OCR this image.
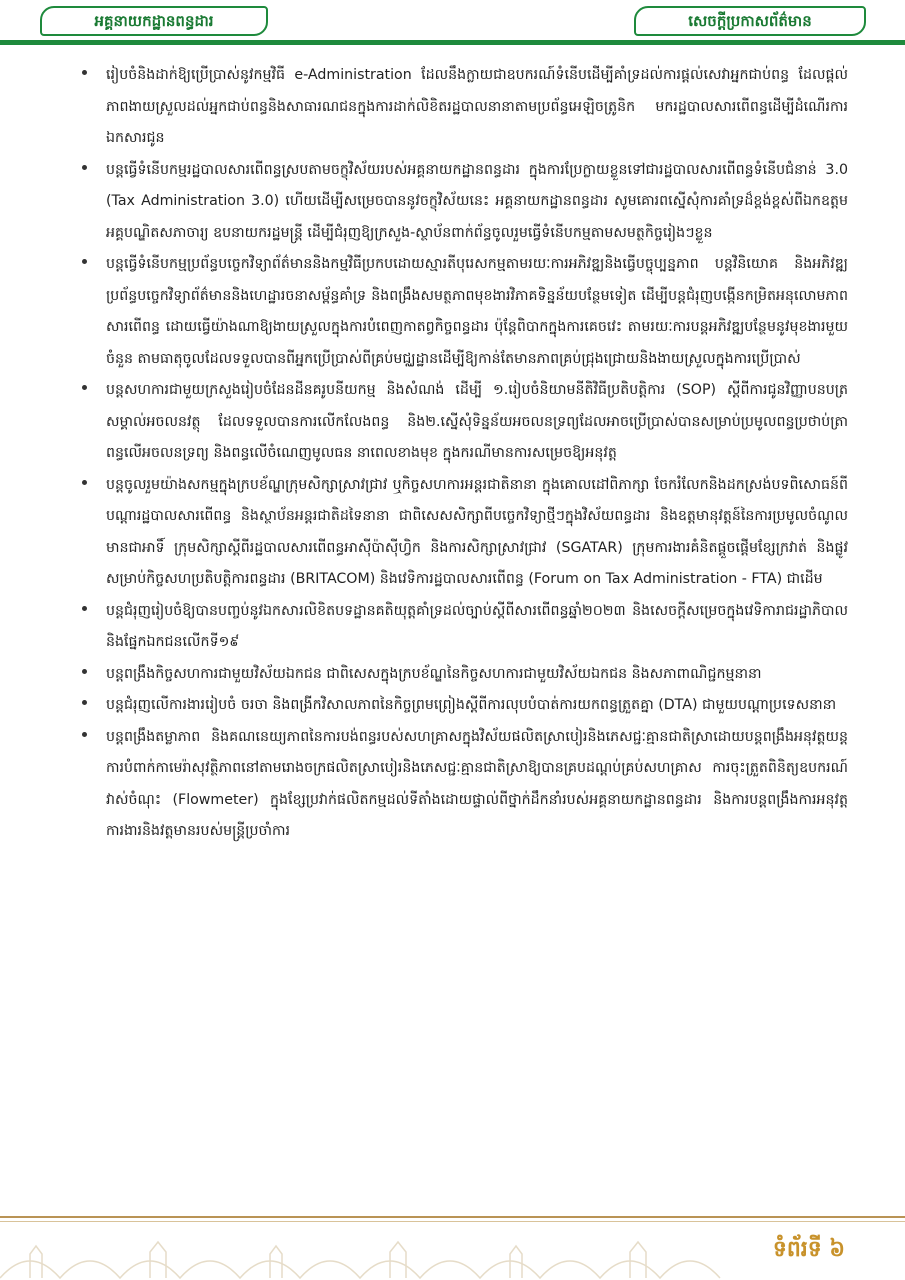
អគ្គនាយកដ្ឋានពន្ធដារ	សេចក្ដីប្រកាសព័ត៌មាន
រៀបចំនិងដាក់ឱ្យប្រើប្រាស់នូវកម្មវិធី e-Administration ដែលនឹងក្លាយជាឧបករណ៍ទំនើបដើម្បីគាំទ្រដល់ការផ្ដល់សេវាអ្នកជាប់ពន្ធ ដែលផ្ដល់ភាពងាយស្រួលដល់អ្នកជាប់ពន្ធនិងសាធារណជនក្នុងការដាក់លិខិតរដ្ឋបាលនានាតាមប្រព័ន្ធអេឡិចត្រូនិក មករដ្ឋបាលសារពើពន្ធដើម្បីដំណើរការឯកសារជូន
បន្តធ្វើទំនើបកម្មរដ្ឋបាលសារពើពន្ធស្របតាមចក្ខុវិស័យរបស់អគ្គនាយកដ្ឋានពន្ធដារ ក្នុងការប្រែក្លាយខ្លួនទៅជារដ្ឋបាលសារពើពន្ធទំនើបជំនាន់ 3.0 (Tax Administration 3.0) ហើយដើម្បីសម្រេចបាននូវចក្ខុវិស័យនេះ អគ្គនាយកដ្ឋានពន្ធដារ សូមគោរពស្នើសុំការគាំទ្រដ៏ខ្ពង់ខ្ពស់ពីឯកឧត្ដមអគ្គបណ្ឌិតសភាចារ្យ ឧបនាយករដ្ឋមន្ត្រី ដើម្បីជំរុញឱ្យក្រសួង-ស្ថាប័នពាក់ព័ន្ធចូលរួមធ្វើទំនើបកម្មតាមសមត្ថកិច្ចរៀងៗខ្លួន
បន្តធ្វើទំនើបកម្មប្រព័ន្ធបច្ចេកវិទ្យាព័ត៌មាននិងកម្មវិធីប្រកបដោយស្មារតីបុរេសកម្មតាមរយៈការអភិវឌ្ឍនិងធ្វើបច្ចុប្បន្នភាព បន្តវិនិយោគ និងអភិវឌ្ឍប្រព័ន្ធបច្ចេកវិទ្យាព័ត៌មាននិងហេដ្ឋារចនាសម្ព័ន្ធគាំទ្រ និងពង្រឹងសមត្ថភាពមុខងារវិភាគទិន្នន័យបន្ថែមទៀត ដើម្បីបន្តជំរុញបង្កើនកម្រិតអនុលោមភាពសារពើពន្ធ ដោយធ្វើយ៉ាងណាឱ្យងាយស្រួលក្នុងការបំពេញកាតព្វកិច្ចពន្ធដារ ប៉ុន្តែពិបាកក្នុងការគេចវេះ តាមរយៈការបន្តអភិវឌ្ឍបន្ថែមនូវមុខងារមួយចំនួន តាមធាតុចូលដែលទទួលបានពីអ្នកប្រើប្រាស់ពីគ្រប់មជ្ឈដ្ឋានដើម្បីឱ្យកាន់តែមានភាពគ្រប់ជ្រុងជ្រោយនិងងាយស្រួលក្នុងការប្រើប្រាស់
បន្តសហការជាមួយក្រសួងរៀបចំដែនដីនគរូបនីយកម្ម និងសំណង់ ដើម្បី ១.រៀបចំនិយាមនីតិវិធីប្រតិបត្តិការ (SOP) ស្ដីពីការជូនវិញ្ញាបនបត្រសម្គាល់អចលនវត្ថុ ដែលទទួលបានការលើកលែងពន្ធ និង២.ស្នើសុំទិន្នន័យអចលនទ្រព្យដែលអាចប្រើប្រាស់បានសម្រាប់ប្រមូលពន្ធប្រថាប់ត្រា ពន្ធលើអចលនទ្រព្យ និងពន្ធលើចំណេញមូលធន នាពេលខាងមុខ ក្នុងករណីមានការសម្រេចឱ្យអនុវត្ត
បន្តចូលរួមយ៉ាងសកម្មក្នុងក្របខ័ណ្ឌក្រុមសិក្សាស្រាវជ្រាវ ឬកិច្ចសហការអន្តរជាតិនានា ក្នុងគោលដៅពិភាក្សា ចែករំលែកនិងដកស្រង់បទពិសោធន៍ពីបណ្ដារដ្ឋបាលសារពើពន្ធ និងស្ថាប័នអន្តរជាតិដទៃនានា ជាពិសេសសិក្សាពីបច្ចេកវិទ្យាថ្មីៗក្នុងវិស័យពន្ធដារ និងឧត្តមានុវត្តន៍នៃការប្រមូលចំណូល មានជាអាទិ៍ ក្រុមសិក្សាស្ដីពីរដ្ឋបាលសារពើពន្ធអាស៊ីប៉ាស៊ីហ្វិក និងការសិក្សាស្រាវជ្រាវ (SGATAR) ក្រុមការងារគំនិតផ្ដួចផ្ដើមខ្សែក្រវាត់ និងផ្លូវសម្រាប់កិច្ចសហប្រតិបត្តិការពន្ធដារ (BRITACOM) និងវេទិការដ្ឋបាលសារពើពន្ធ (Forum on Tax Administration - FTA) ជាដើម
បន្តជំរុញរៀបចំឱ្យបានបញ្ចប់នូវឯកសារលិខិតបទដ្ឋានគតិយុត្តគាំទ្រដល់ច្បាប់ស្ដីពីសារពើពន្ធឆ្នាំ២០២៣ និងសេចក្ដីសម្រេចក្នុងវេទិការាជរដ្ឋាភិបាល និងផ្នែកឯកជនលើកទី១៩
បន្តពង្រឹងកិច្ចសហការជាមួយវិស័យឯកជន ជាពិសេសក្នុងក្របខ័ណ្ឌនៃកិច្ចសហការជាមួយវិស័យឯកជន និងសភាពាណិជ្ជកម្មនានា
បន្តជំរុញលើការងាររៀបចំ ចរចា និងពង្រីកវិសាលភាពនៃកិច្ចព្រមព្រៀងស្ដីពីការលុបបំបាត់ការយកពន្ធត្រួតគ្នា (DTA) ជាមួយបណ្ដាប្រទេសនានា
បន្តពង្រឹងតម្លាភាព និងគណនេយ្យភាពនៃការបង់ពន្ធរបស់សហគ្រាសក្នុងវិស័យផលិតស្រាបៀរនិងភេសជ្ជៈគ្មានជាតិស្រាដោយបន្តពង្រឹងអនុវត្តយន្តការបំពាក់កាមេរ៉ាសុវត្ថិភាពនៅតាមរោងចក្រផលិតស្រាបៀរនិងភេសជ្ជៈគ្មានជាតិស្រាឱ្យបានគ្របដណ្ដប់គ្រប់សហគ្រាស ការចុះត្រួតពិនិត្យឧបករណ៍វាស់ចំណុះ (Flowmeter) ក្នុងខ្សែប្រវាក់ផលិតកម្មដល់ទីតាំងដោយផ្ទាល់ពីថ្នាក់ដឹកនាំរបស់អគ្គនាយកដ្ឋានពន្ធដារ និងការបន្តពង្រឹងការអនុវត្តការងារនិងវត្តមានរបស់មន្ត្រីប្រចាំការ
ទំព័រទី ៦
